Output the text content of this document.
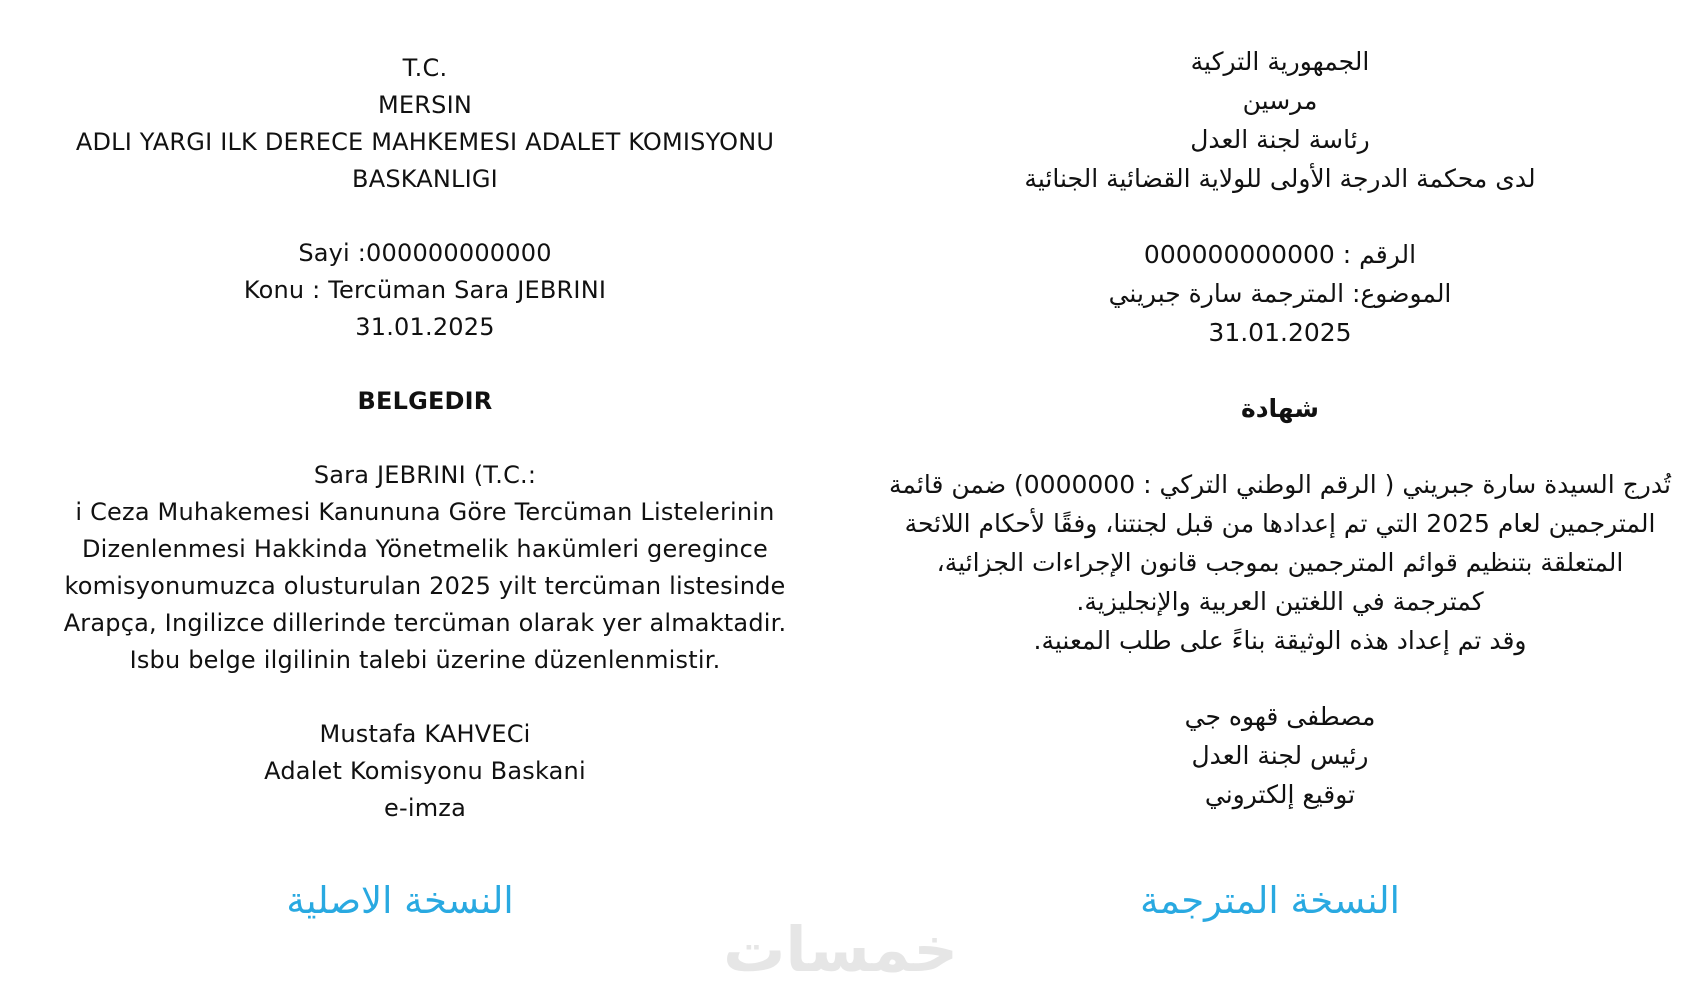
T.C.
MERSIN
ADLI YARGI ILK DERECE MAHKEMESI ADALET KOMISYONU
BASKANLIGI
Sayi :000000000000
Konu : Tercüman Sara JEBRINI
31.01.2025
BELGEDIR
Sara JEBRINI (T.C.:
i Ceza Muhakemesi Kanununa Göre Tercüman Listelerinin
Dizenlenmesi Hakkinda Yönetmelik haкümleri geregince
komisyonumuzca olusturulan 2025 yilt tercüman listesinde
Arapça, Ingilizce dillerinde tercüman olarak yer almaktadir.
Isbu belge ilgilinin talebi üzerine düzenlenmistir.
Mustafa KAHVECi
Adalet Komisyonu Baskani
e-imza
الجمهورية التركية
مرسين
رئاسة لجنة العدل
لدى محكمة الدرجة الأولى للولاية القضائية الجنائية
الرقم : 000000000000
الموضوع: المترجمة سارة جبريني
31.01.2025
شهادة
تُدرج السيدة سارة جبريني ( الرقم الوطني التركي : 0000000) ضمن قائمة
المترجمين لعام 2025 التي تم إعدادها من قبل لجنتنا، وفقًا لأحكام اللائحة
المتعلقة بتنظيم قوائم المترجمين بموجب قانون الإجراءات الجزائية،
كمترجمة في اللغتين العربية والإنجليزية.
وقد تم إعداد هذه الوثيقة بناءً على طلب المعنية.
مصطفى قهوه جي
رئيس لجنة العدل
توقيع إلكتروني
النسخة الاصلية	النسخة المترجمة
خمسات
